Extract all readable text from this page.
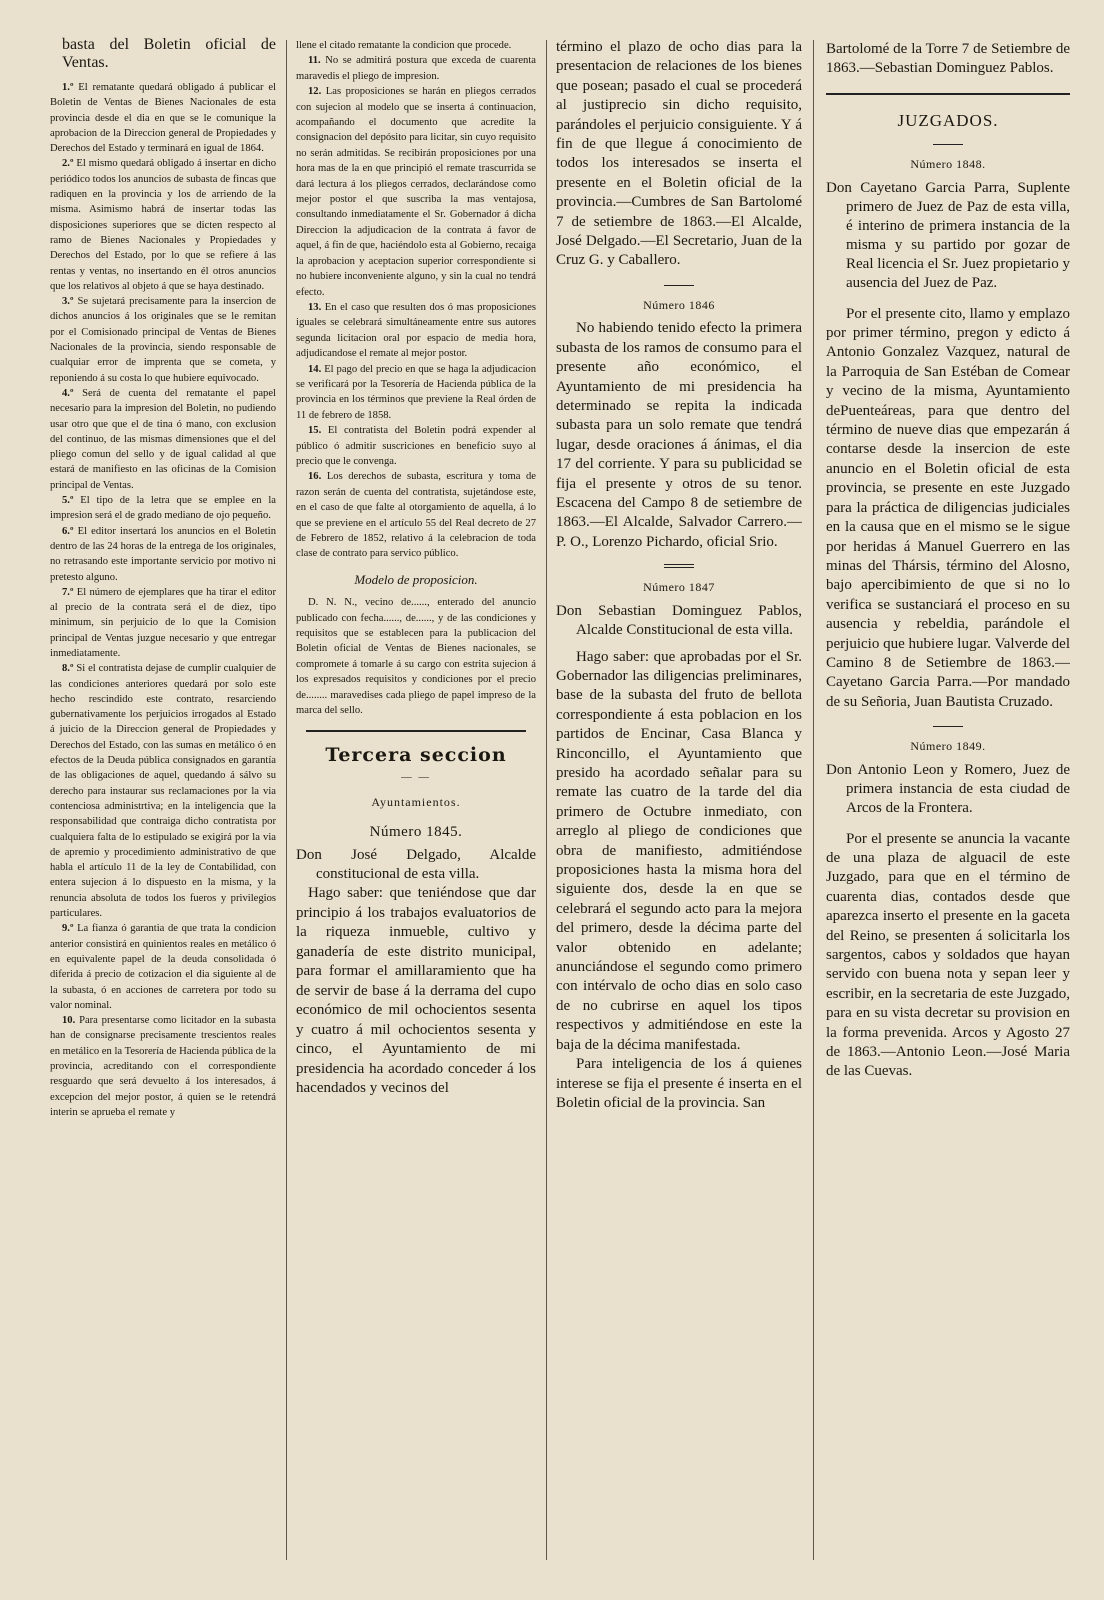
basta del Boletin oficial de Ventas.

1.º El rematante quedará obligado á publicar el Boletin de Ventas de Bienes Nacionales de esta provincia desde el dia en que se le comunique la aprobacion de la Direccion general de Propiedades y Derechos del Estado y terminará en igual de 1864.

2.º El mismo quedará obligado á insertar en dicho periódico todos los anuncios de subasta de fincas que radiquen en la provincia y los de arriendo de la misma. Asimismo habrá de insertar todas las disposiciones superiores que se dicten respecto al ramo de Bienes Nacionales y Propiedades y Derechos del Estado, por lo que se refiere á las rentas y ventas, no insertando en él otros anuncios que los relativos al objeto á que se haya destinado.

3.º Se sujetará precisamente para la insercion de dichos anuncios á los originales que se le remitan por el Comisionado principal de Ventas de Bienes Nacionales de la provincia, siendo responsable de cualquiar error de imprenta que se cometa, y reponiendo á su costa lo que hubiere equivocado.

4.º Será de cuenta del rematante el papel necesario para la impresion del Boletin, no pudiendo usar otro que que el de tina ó mano, con exclusion del continuo, de las mismas dimensiones que el del pliego comun del sello y de igual calidad al que estará de manifiesto en las oficinas de la Comision principal de Ventas.

5.º El tipo de la letra que se emplee en la impresion será el de grado mediano de ojo pequeño.

6.º El editor insertará los anuncios en el Boletin dentro de las 24 horas de la entrega de los originales, no retrasando este importante servicio por motivo ni pretesto alguno.

7.º El número de ejemplares que ha tirar el editor al precio de la contrata será el de diez, tipo minimum, sin perjuicio de lo que la Comision principal de Ventas juzgue necesario y que entregar inmediatamente.

8.º Si el contratista dejase de cumplir cualquier de las condiciones anteriores quedará por solo este hecho rescindido este contrato, resarciendo gubernativamente los perjuicios irrogados al Estado á juicio de la Direccion general de Propiedades y Derechos del Estado, con las sumas en metálico ó en efectos de la Deuda pública consignados en garantía de las obligaciones de aquel, quedando á sálvo su derecho para instaurar sus reclamaciones por la via contenciosa administrtiva; en la inteligencia que la responsabilidad que contraiga dicho contratista por cualquiera falta de lo estipulado se exigirá por la via de apremio y procedimiento administrativo de que habla el artículo 11 de la ley de Contabilidad, con entera sujecion á lo dispuesto en la misma, y la renuncia absoluta de todos los fueros y privilegios particulares.

9.º La fianza ó garantia de que trata la condicion anterior consistirá en quinientos reales en metálico ó en equivalente papel de la deuda consolidada ó diferida á precio de cotizacion el dia siguiente al de la subasta, ó en acciones de carretera por todo su valor nominal.

10. Para presentarse como licitador en la subasta han de consignarse precisamente trescientos reales en metálico en la Tesorería de Hacienda pública de la provincia, acreditando con el correspondiente resguardo que será devuelto á los interesados, á excepcion del mejor postor, á quien se le retendrá interin se aprueba el remate y

llene el citado rematante la condicion que procede.

11. No se admitirá postura que exceda de cuarenta maravedis el pliego de impresion.

12. Las proposiciones se harán en pliegos cerrados con sujecion al modelo que se inserta á continuacion, acompañando el documento que acredite la consignacion del depósito para licitar, sin cuyo requisito no serán admitidas. Se recibirán proposiciones por una hora mas de la en que principió el remate trascurrida se dará lectura á los pliegos cerrados, declarándose como mejor postor el que suscriba la mas ventajosa, consultando inmediatamente el Sr. Gobernador á dicha Direccion la adjudicacion de la contrata á favor de aquel, á fin de que, haciéndolo esta al Gobierno, recaiga la aprobacion y aceptacion superior correspondiente si no hubiere inconveniente alguno, y sin la cual no tendrá efecto.

13. En el caso que resulten dos ó mas proposiciones iguales se celebrará simultáneamente entre sus autores segunda licitacion oral por espacio de media hora, adjudicandose el remate al mejor postor.

14. El pago del precio en que se haga la adjudicacion se verificará por la Tesorería de Hacienda pública de la provincia en los términos que previene la Real órden de 11 de febrero de 1858.

15. El contratista del Boletin podrá expender al público ó admitir suscriciones en beneficio suyo al precio que le convenga.

16. Los derechos de subasta, escritura y toma de razon serán de cuenta del contratista, sujetándose este, en el caso de que falte al otorgamiento de aquella, á lo que se previene en el artículo 55 del Real decreto de 27 de Febrero de 1852, relativo á la celebracion de toda clase de contrato para servico público.

Modelo de proposicion.

D. N. N., vecino de......, enterado del anuncio publicado con fecha......, de......, y de las condiciones y requisitos que se establecen para la publicacion del Boletin oficial de Ventas de Bienes nacionales, se compromete á tomarle á su cargo con estrita sujecion á los expresados requisitos y condiciones por el precio de........ maravedises cada pliego de papel impreso de la marca del sello.

Tercera seccion
— —
Ayuntamientos.
Número 1845.

Don José Delgado, Alcalde constitucional de esta villa.

Hago saber: que teniéndose que dar principio á los trabajos evaluatorios de la riqueza inmueble, cultivo y ganadería de este distrito municipal, para formar el amillaramiento que ha de servir de base á la derrama del cupo económico de mil ochocientos sesenta y cuatro á mil ochocientos sesenta y cinco, el Ayuntamiento de mi presidencia ha acordado conceder á los hacendados y vecinos del

término el plazo de ocho dias para la presentacion de relaciones de los bienes que posean; pasado el cual se procederá al justiprecio sin dicho requisito, parándoles el perjuicio consiguiente. Y á fin de que llegue á conocimiento de todos los interesados se inserta el presente en el Boletin oficial de la provincia.—Cumbres de San Bartolomé 7 de setiembre de 1863.—El Alcalde, José Delgado.—El Secretario, Juan de la Cruz G. y Caballero.

Número 1846

No habiendo tenido efecto la primera subasta de los ramos de consumo para el presente año económico, el Ayuntamiento de mi presidencia ha determinado se repita la indicada subasta para un solo remate que tendrá lugar, desde oraciones á ánimas, el dia 17 del corriente. Y para su publicidad se fija el presente y otros de su tenor. Escacena del Campo 8 de setiembre de 1863.—El Alcalde, Salvador Carrero.—P. O., Lorenzo Pichardo, oficial Srio.

Número 1847

Don Sebastian Dominguez Pablos, Alcalde Constitucional de esta villa.

Hago saber: que aprobadas por el Sr. Gobernador las diligencias preliminares, base de la subasta del fruto de bellota correspondiente á esta poblacion en los partidos de Encinar, Casa Blanca y Rinconcillo, el Ayuntamiento que presido ha acordado señalar para su remate las cuatro de la tarde del dia primero de Octubre inmediato, con arreglo al pliego de condiciones que obra de manifiesto, admitiéndose proposiciones hasta la misma hora del siguiente dos, desde la en que se celebrará el segundo acto para la mejora del primero, desde la décima parte del valor obtenido en adelante; anunciándose el segundo como primero con intérvalo de ocho dias en solo caso de no cubrirse en aquel los tipos respectivos y admitiéndose en este la baja de la décima manifestada.

Para inteligencia de los á quienes interese se fija el presente é inserta en el Boletin oficial de la provincia. San

Bartolomé de la Torre 7 de Setiembre de 1863.—Sebastian Dominguez Pablos.

JUZGADOS.
Número 1848.

Don Cayetano Garcia Parra, Suplente primero de Juez de Paz de esta villa, é interino de primera instancia de la misma y su partido por gozar de Real licencia el Sr. Juez propietario y ausencia del Juez de Paz.

Por el presente cito, llamo y emplazo por primer término, pregon y edicto á Antonio Gonzalez Vazquez, natural de la Parroquia de San Estéban de Comear y vecino de la misma, Ayuntamiento dePuenteáreas, para que dentro del término de nueve dias que empezarán á contarse desde la insercion de este anuncio en el Boletin oficial de esta provincia, se presente en este Juzgado para la práctica de diligencias judiciales en la causa que en el mismo se le sigue por heridas á Manuel Guerrero en las minas del Thársis, término del Alosno, bajo apercibimiento de que si no lo verifica se sustanciará el proceso en su ausencia y rebeldia, parándole el perjuicio que hubiere lugar. Valverde del Camino 8 de Setiembre de 1863.—Cayetano Garcia Parra.—Por mandado de su Señoria, Juan Bautista Cruzado.

Número 1849.

Don Antonio Leon y Romero, Juez de primera instancia de esta ciudad de Arcos de la Frontera.

Por el presente se anuncia la vacante de una plaza de alguacil de este Juzgado, para que en el término de cuarenta dias, contados desde que aparezca inserto el presente en la gaceta del Reino, se presenten á solicitarla los sargentos, cabos y soldados que hayan servido con buena nota y sepan leer y escribir, en la secretaria de este Juzgado, para en su vista decretar su provision en la forma prevenida. Arcos y Agosto 27 de 1863.—Antonio Leon.—José Maria de las Cuevas.
